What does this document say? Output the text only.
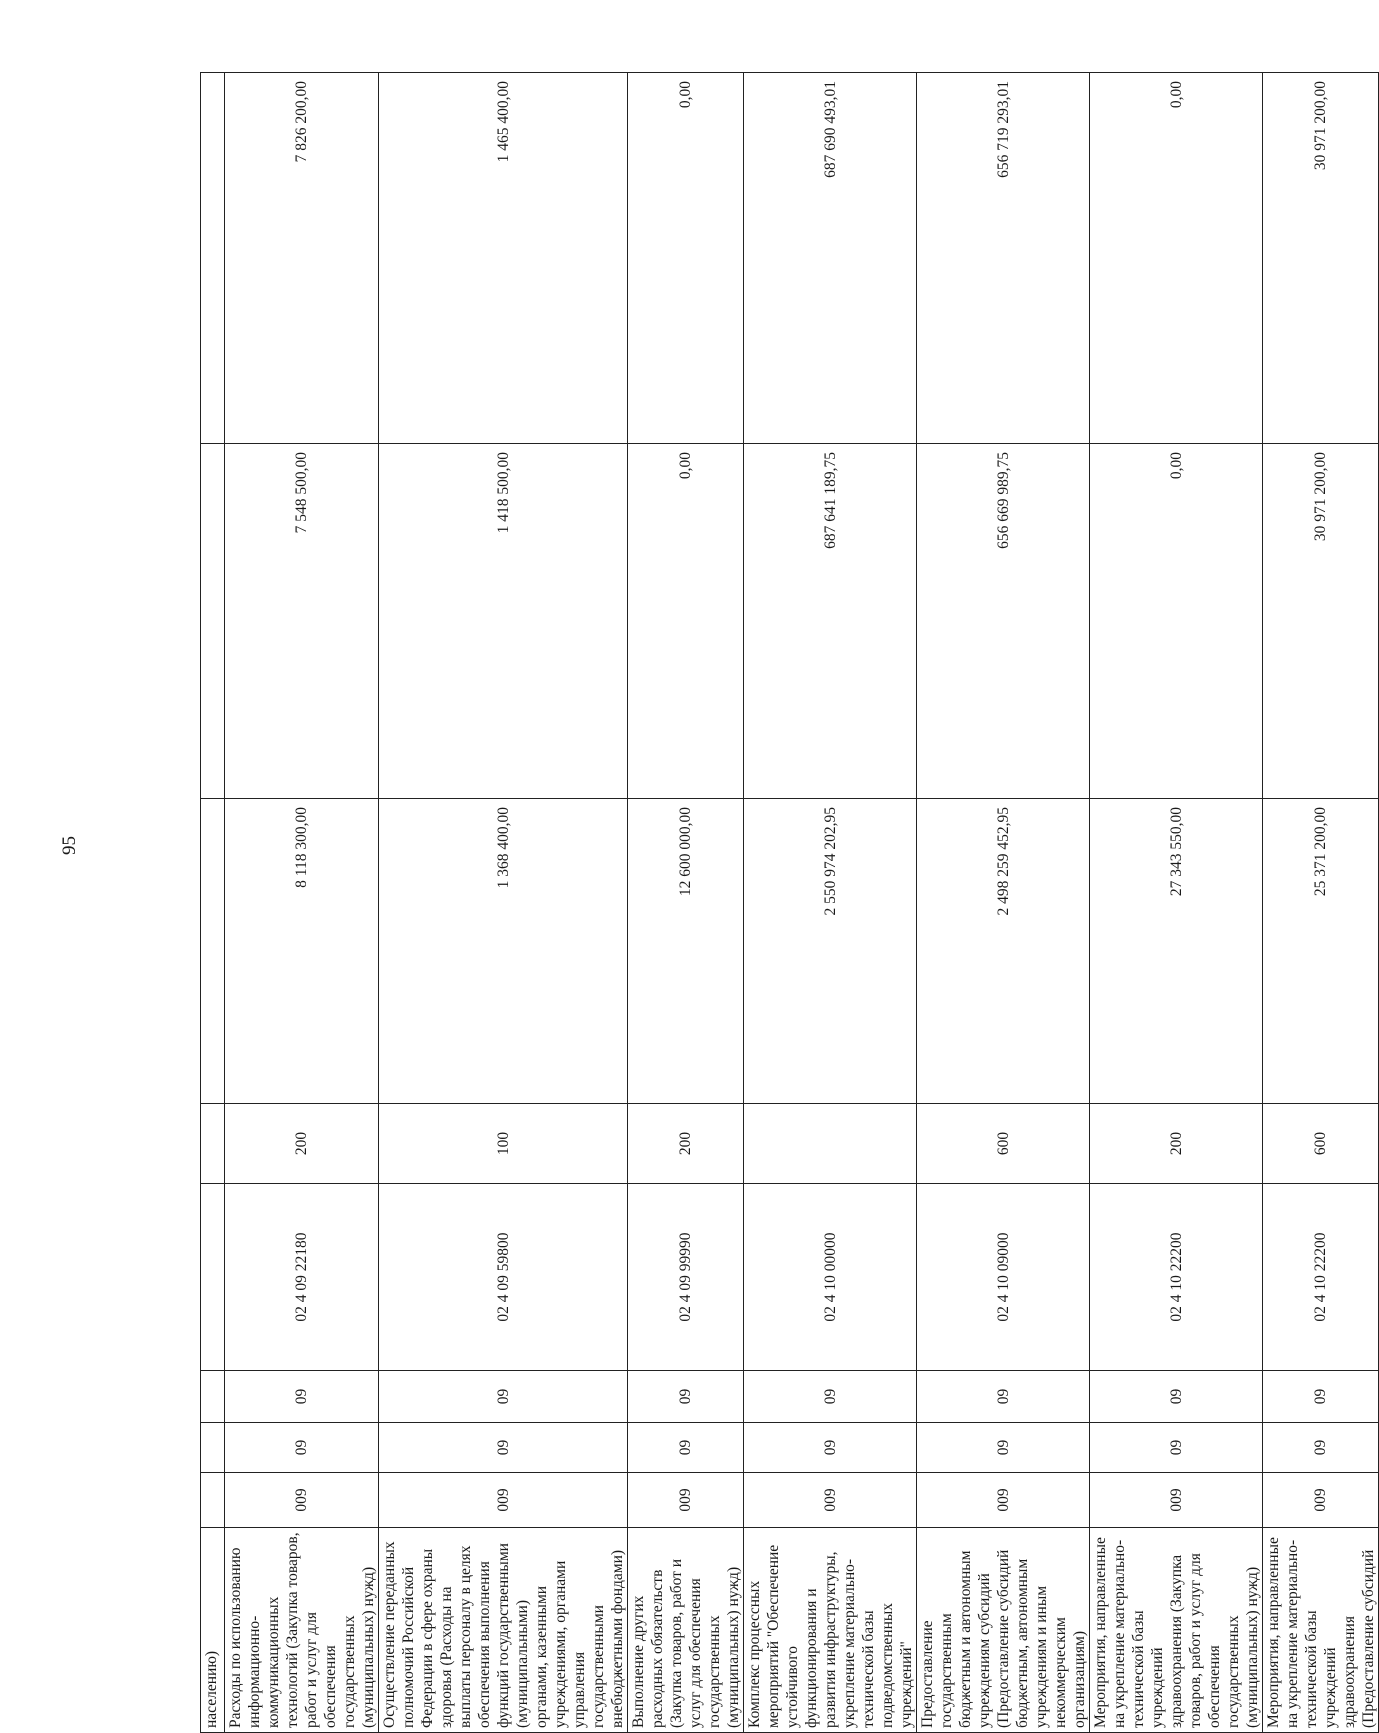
95
населению)								
Расходы по использованию информационно-коммуникационных технологий (Закупка товаров, работ и услуг для обеспечения государственных (муниципальных) нужд)	009	09	09	02 4 09 22180	200	8 118 300,00	7 548 500,00	7 826 200,00
Осуществление переданных полномочий Российской Федерации в сфере охраны здоровья (Расходы на выплаты персоналу в целях обеспечения выполнения функций государственными (муниципальными) органами, казенными учреждениями, органами управления государственными внебюджетными фондами)	009	09	09	02 4 09 59800	100	1 368 400,00	1 418 500,00	1 465 400,00
Выполнение других расходных обязательств (Закупка товаров, работ и услуг для обеспечения государственных (муниципальных) нужд)	009	09	09	02 4 09 99990	200	12 600 000,00	0,00	0,00
Комплекс процессных мероприятий "Обеспечение устойчивого функционирования и развития инфраструктуры, укрепление материально-технической базы подведомственных учреждений"	009	09	09	02 4 10 00000		2 550 974 202,95	687 641 189,75	687 690 493,01
Предоставление государственным бюджетным и автономным учреждениям субсидий (Предоставление субсидий бюджетным, автономным учреждениям и иным некоммерческим организациям)	009	09	09	02 4 10 09000	600	2 498 259 452,95	656 669 989,75	656 719 293,01
Мероприятия, направленные на укрепление материально-технической базы учреждений здравоохранения (Закупка товаров, работ и услуг для обеспечения государственных (муниципальных) нужд)	009	09	09	02 4 10 22200	200	27 343 550,00	0,00	0,00
Мероприятия, направленные на укрепление материально-технической базы учреждений здравоохранения (Предоставление субсидий	009	09	09	02 4 10 22200	600	25 371 200,00	30 971 200,00	30 971 200,00
